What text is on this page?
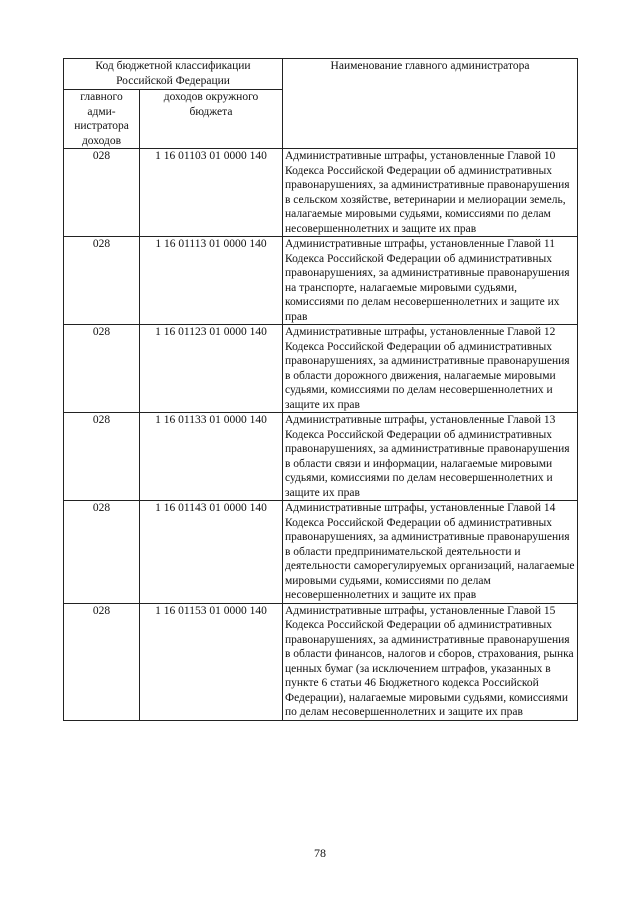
Код бюджетной классификации Российской Федерации		Наименование главного администратора
главного адми-нистратора доходов	доходов окружного бюджета	
028	1 16 01103 01 0000 140	Административные штрафы, установленные Главой 10 Кодекса Российской Федерации об административных правонарушениях, за административные правонарушения в сельском хозяйстве, ветеринарии и мелиорации земель, налагаемые мировыми судьями, комиссиями по делам несовершеннолетних и защите их прав
028	1 16 01113 01 0000 140	Административные штрафы, установленные Главой 11 Кодекса Российской Федерации об административных правонарушениях, за административные правонарушения на транспорте, налагаемые мировыми судьями, комиссиями по делам несовершеннолетних и защите их прав
028	1 16 01123 01 0000 140	Административные штрафы, установленные Главой 12 Кодекса Российской Федерации об административных правонарушениях, за административные правонарушения в области дорожного движения, налагаемые мировыми судьями, комиссиями по делам несовершеннолетних и защите их прав
028	1 16 01133 01 0000 140	Административные штрафы, установленные Главой 13 Кодекса Российской Федерации об административных правонарушениях, за административные правонарушения в области связи и информации, налагаемые мировыми судьями, комиссиями по делам несовершеннолетних и защите их прав
028	1 16 01143 01 0000 140	Административные штрафы, установленные Главой 14 Кодекса Российской Федерации об административных правонарушениях, за административные правонарушения в области предпринимательской деятельности и деятельности саморегулируемых организаций, налагаемые мировыми судьями, комиссиями по делам несовершеннолетних и защите их прав
028	1 16 01153 01 0000 140	Административные штрафы, установленные Главой 15 Кодекса Российской Федерации об административных правонарушениях, за административные правонарушения в области финансов, налогов и сборов, страхования, рынка ценных бумаг (за исключением штрафов, указанных в пункте 6 статьи 46 Бюджетного кодекса Российской Федерации), налагаемые мировыми судьями, комиссиями по делам несовершеннолетних и защите их прав
78
